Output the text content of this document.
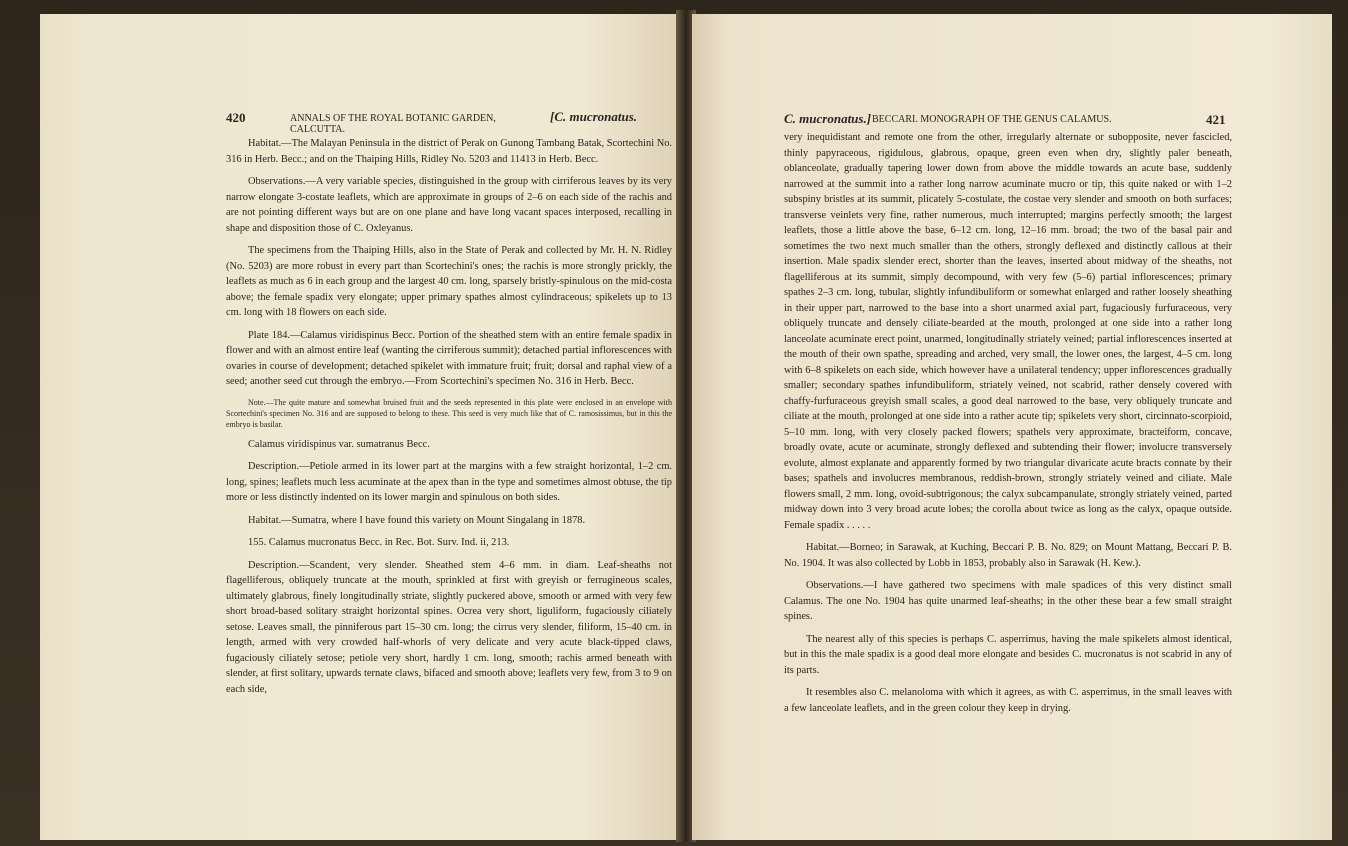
420	ANNALS OF THE ROYAL BOTANIC GARDEN, CALCUTTA.
[C. mucronatus.

Habitat.—The Malayan Peninsula in the district of Perak on Gunong Tambang Batak, Scortechini No. 316 in Herb. Becc.; and on the Thaiping Hills, Ridley No. 5203 and 11413 in Herb. Becc.

Observations.—A very variable species, distinguished in the group with cirriferous leaves by its very narrow elongate 3-costate leaflets, which are approximate in groups of 2–6 on each side of the rachis and are not pointing different ways but are on one plane and have long vacant spaces interposed, recalling in shape and disposition those of C. Oxleyanus.

The specimens from the Thaiping Hills, also in the State of Perak and collected by Mr. H. N. Ridley (No. 5203) are more robust in every part than Scortechini's ones; the rachis is more strongly prickly, the leaflets as much as 6 in each group and the largest 40 cm. long, sparsely bristly-spinulous on the mid-costa above; the female spadix very elongate; upper primary spathes almost cylindraceous; spikelets up to 13 cm. long with 18 flowers on each side.

Plate 184.—Calamus viridispinus Becc. Portion of the sheathed stem with an entire female spadix in flower and with an almost entire leaf (wanting the cirriferous summit); detached partial inflorescences with ovaries in course of development; detached spikelet with immature fruit; fruit; dorsal and raphal view of a seed; another seed cut through the embryo.—From Scortechini's specimen No. 316 in Herb. Becc.

Note.—The quite mature and somewhat bruised fruit and the seeds represented in this plate were enclosed in an envelope with Scortechini's specimen No. 316 and are supposed to belong to these. This seed is very much like that of C. ramosissimus, but in this the embryo is basilar.

Calamus viridispinus var. sumatranus Becc.

Description.—Petiole armed in its lower part at the margins with a few straight horizontal, 1–2 cm. long, spines; leaflets much less acuminate at the apex than in the type and sometimes almost obtuse, the tip more or less distinctly indented on its lower margin and spinulous on both sides.

Habitat.—Sumatra, where I have found this variety on Mount Singalang in 1878.

155. Calamus mucronatus Becc. in Rec. Bot. Surv. Ind. ii, 213.

Description.—Scandent, very slender. Sheathed stem 4–6 mm. in diam. Leaf-sheaths not flagelliferous, obliquely truncate at the mouth, sprinkled at first with greyish or ferrugineous scales, ultimately glabrous, finely longitudinally striate, slightly puckered above, smooth or armed with very few short broad-based solitary straight horizontal spines. Ocrea very short, liguliform, fugaciously ciliately setose. Leaves small, the pinniferous part 15–30 cm. long; the cirrus very slender, filiform, 15–40 cm. in length, armed with very crowded half-whorls of very delicate and very acute black-tipped claws, fugaciously ciliately setose; petiole very short, hardly 1 cm. long, smooth; rachis armed beneath with slender, at first solitary, upwards ternate claws, bifaced and smooth above; leaflets very few, from 3 to 9 on each side,

C. mucronatus.] BECCARI. MONOGRAPH OF THE GENUS CALAMUS.	421

very inequidistant and remote one from the other, irregularly alternate or subopposite, never fascicled, thinly papyraceous, rigidulous, glabrous, opaque, green even when dry, slightly paler beneath, oblanceolate, gradually tapering lower down from above the middle towards an acute base, suddenly narrowed at the summit into a rather long narrow acuminate mucro or tip, this quite naked or with 1–2 subspiny bristles at its summit, plicately 5-costulate, the costae very slender and smooth on both surfaces; transverse veinlets very fine, rather numerous, much interrupted; margins perfectly smooth; the largest leaflets, those a little above the base, 6–12 cm. long, 12–16 mm. broad; the two of the basal pair and sometimes the two next much smaller than the others, strongly deflexed and distinctly callous at their insertion. Male spadix slender erect, shorter than the leaves, inserted about midway of the sheaths, not flagelliferous at its summit, simply decompound, with very few (5–6) partial inflorescences; primary spathes 2–3 cm. long, tubular, slightly infundibuliform or somewhat enlarged and rather loosely sheathing in their upper part, narrowed to the base into a short unarmed axial part, fugaciously furfuraceous, very obliquely truncate and densely ciliate-bearded at the mouth, prolonged at one side into a rather long lanceolate acuminate erect point, unarmed, longitudinally striately veined; partial inflorescences inserted at the mouth of their own spathe, spreading and arched, very small, the lower ones, the largest, 4–5 cm. long with 6–8 spikelets on each side, which however have a unilateral tendency; upper inflorescences gradually smaller; secondary spathes infundibuliform, striately veined, not scabrid, rather densely covered with chaffy-furfuraceous greyish small scales, a good deal narrowed to the base, very obliquely truncate and ciliate at the mouth, prolonged at one side into a rather acute tip; spikelets very short, circinnato-scorpioid, 5–10 mm. long, with very closely packed flowers; spathels very approximate, bracteiform, concave, broadly ovate, acute or acuminate, strongly deflexed and subtending their flower; involucre transversely evolute, almost explanate and apparently formed by two triangular divaricate acute bracts connate by their bases; spathels and involucres membranous, reddish-brown, strongly striately veined and ciliate. Male flowers small, 2 mm. long, ovoid-subtrigonous; the calyx subcampanulate, strongly striately veined, parted midway down into 3 very broad acute lobes; the corolla about twice as long as the calyx, opaque outside. Female spadix . . . . .

Habitat.—Borneo; in Sarawak, at Kuching, Beccari P. B. No. 829; on Mount Mattang, Beccari P. B. No. 1904. It was also collected by Lobb in 1853, probably also in Sarawak (H. Kew.).

Observations.—I have gathered two specimens with male spadices of this very distinct small Calamus. The one No. 1904 has quite unarmed leaf-sheaths; in the other these bear a few small straight spines.

The nearest ally of this species is perhaps C. asperrimus, having the male spikelets almost identical, but in this the male spadix is a good deal more elongate and besides C. mucronatus is not scabrid in any of its parts.

It resembles also C. melanoloma with which it agrees, as with C. asperrimus, in the small leaves with a few lanceolate leaflets, and in the green colour they keep in drying.
